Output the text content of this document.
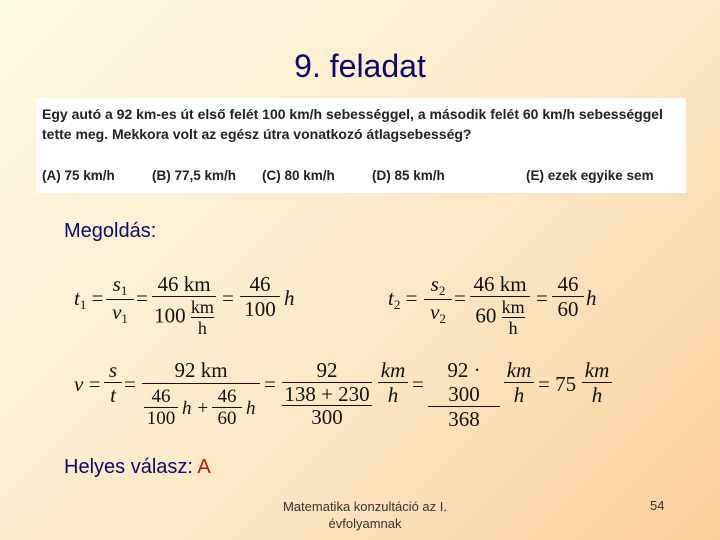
9. feladat
Egy autó a 92 km-es út első felét 100 km/h sebességgel, a második felét 60 km/h sebességgel tette meg. Mekkora volt az egész útra vonatkozó átlagsebesség?
(A) 75 km/h	(B) 77,5 km/h (C) 80 km/h	(D) 85 km/h	(E) ezek egyike sem
Megoldás:
$t1 = \frac{s1}{v1}$ =
46 km
$100 \frac{km}{h} = \frac{46}{100}$ h	$t2 = \frac{s2}{v2}$ =
46 km
$60 \frac{km}{h} = \frac{46}{60}$ h
$v = \frac{s}{t}$ =
92 km
$\frac{46}{100}$ $h + \frac{46}{60}$ h
=
92
138 + 230
300
$\frac{km}{h} = \frac{92 \cdot 300}{368} \frac{km}{h} = 75 \frac{km}{h}$
Helyes válasz: A
Matematika konzultáció az I. évfolyamnak
54
